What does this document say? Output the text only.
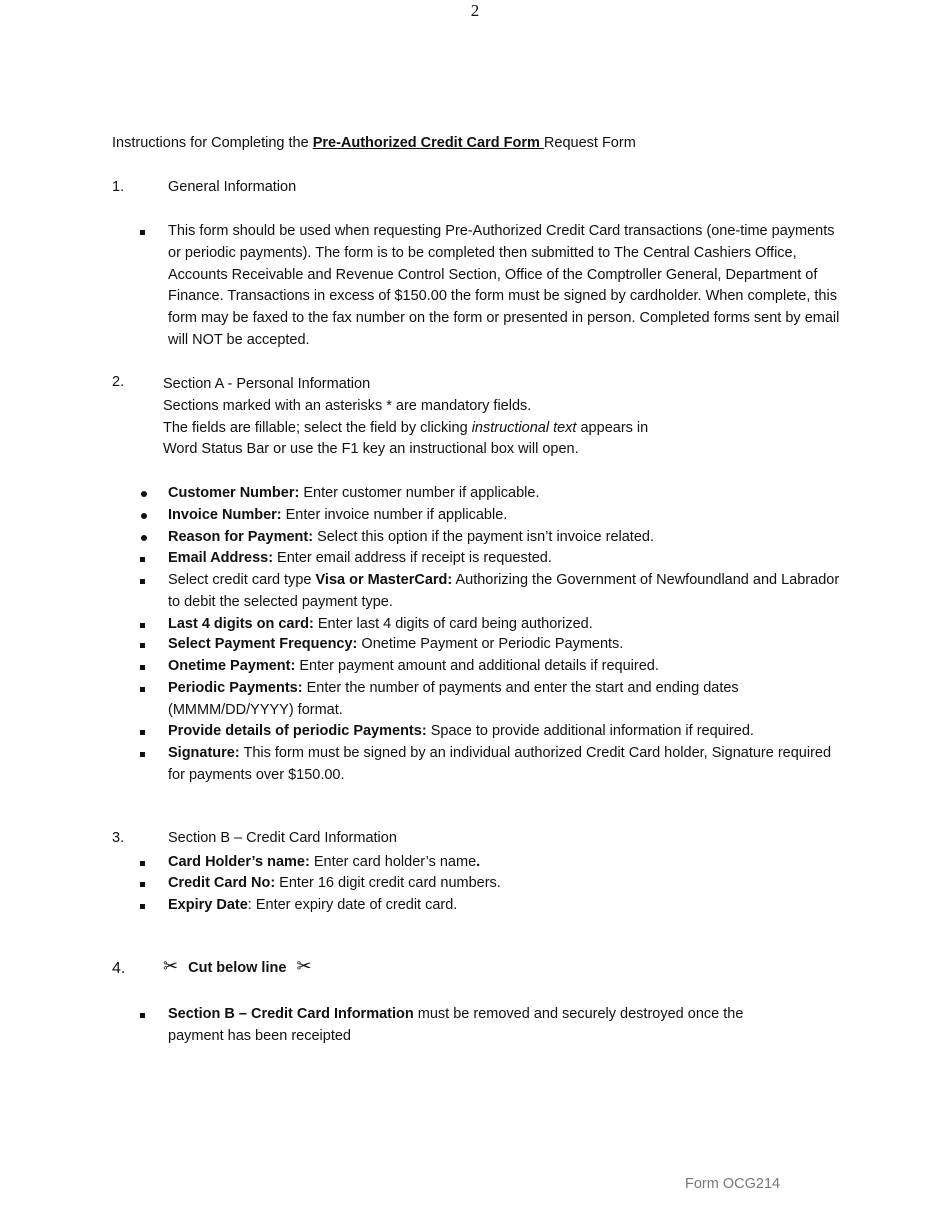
2
Instructions for Completing the Pre-Authorized Credit Card Form Request Form
1.	General Information
This form should be used when requesting Pre-Authorized Credit Card transactions (one-time payments or periodic payments). The form is to be completed then submitted to The Central Cashiers Office, Accounts Receivable and Revenue Control Section, Office of the Comptroller General, Department of Finance. Transactions in excess of $150.00 the form must be signed by cardholder. When complete, this form may be faxed to the fax number on the form or presented in person. Completed forms sent by email will NOT be accepted.
2.	Section A - Personal Information
Sections marked with an asterisks * are mandatory fields.
The fields are fillable; select the field by clicking instructional text appears in
Word Status Bar or use the F1 key an instructional box will open.
Customer Number: Enter customer number if applicable.
Invoice Number: Enter invoice number if applicable.
Reason for Payment: Select this option if the payment isn’t invoice related.
Email Address: Enter email address if receipt is requested.
Select credit card type Visa or MasterCard: Authorizing the Government of Newfoundland and Labrador to debit the selected payment type.
Last 4 digits on card: Enter last 4 digits of card being authorized.
Select Payment Frequency: Onetime Payment or Periodic Payments.
Onetime Payment: Enter payment amount and additional details if required.
Periodic Payments: Enter the number of payments and enter the start and ending dates (MMMM/DD/YYYY) format.
Provide details of periodic Payments: Space to provide additional information if required.
Signature: This form must be signed by an individual authorized Credit Card holder, Signature required for payments over $150.00.
3.	Section B – Credit Card Information
Card Holder’s name: Enter card holder’s name.
Credit Card No: Enter 16 digit credit card numbers.
Expiry Date: Enter expiry date of credit card.
4. ✂ Cut below line ✂
Section B – Credit Card Information must be removed and securely destroyed once the payment has been receipted
Form OCG214
